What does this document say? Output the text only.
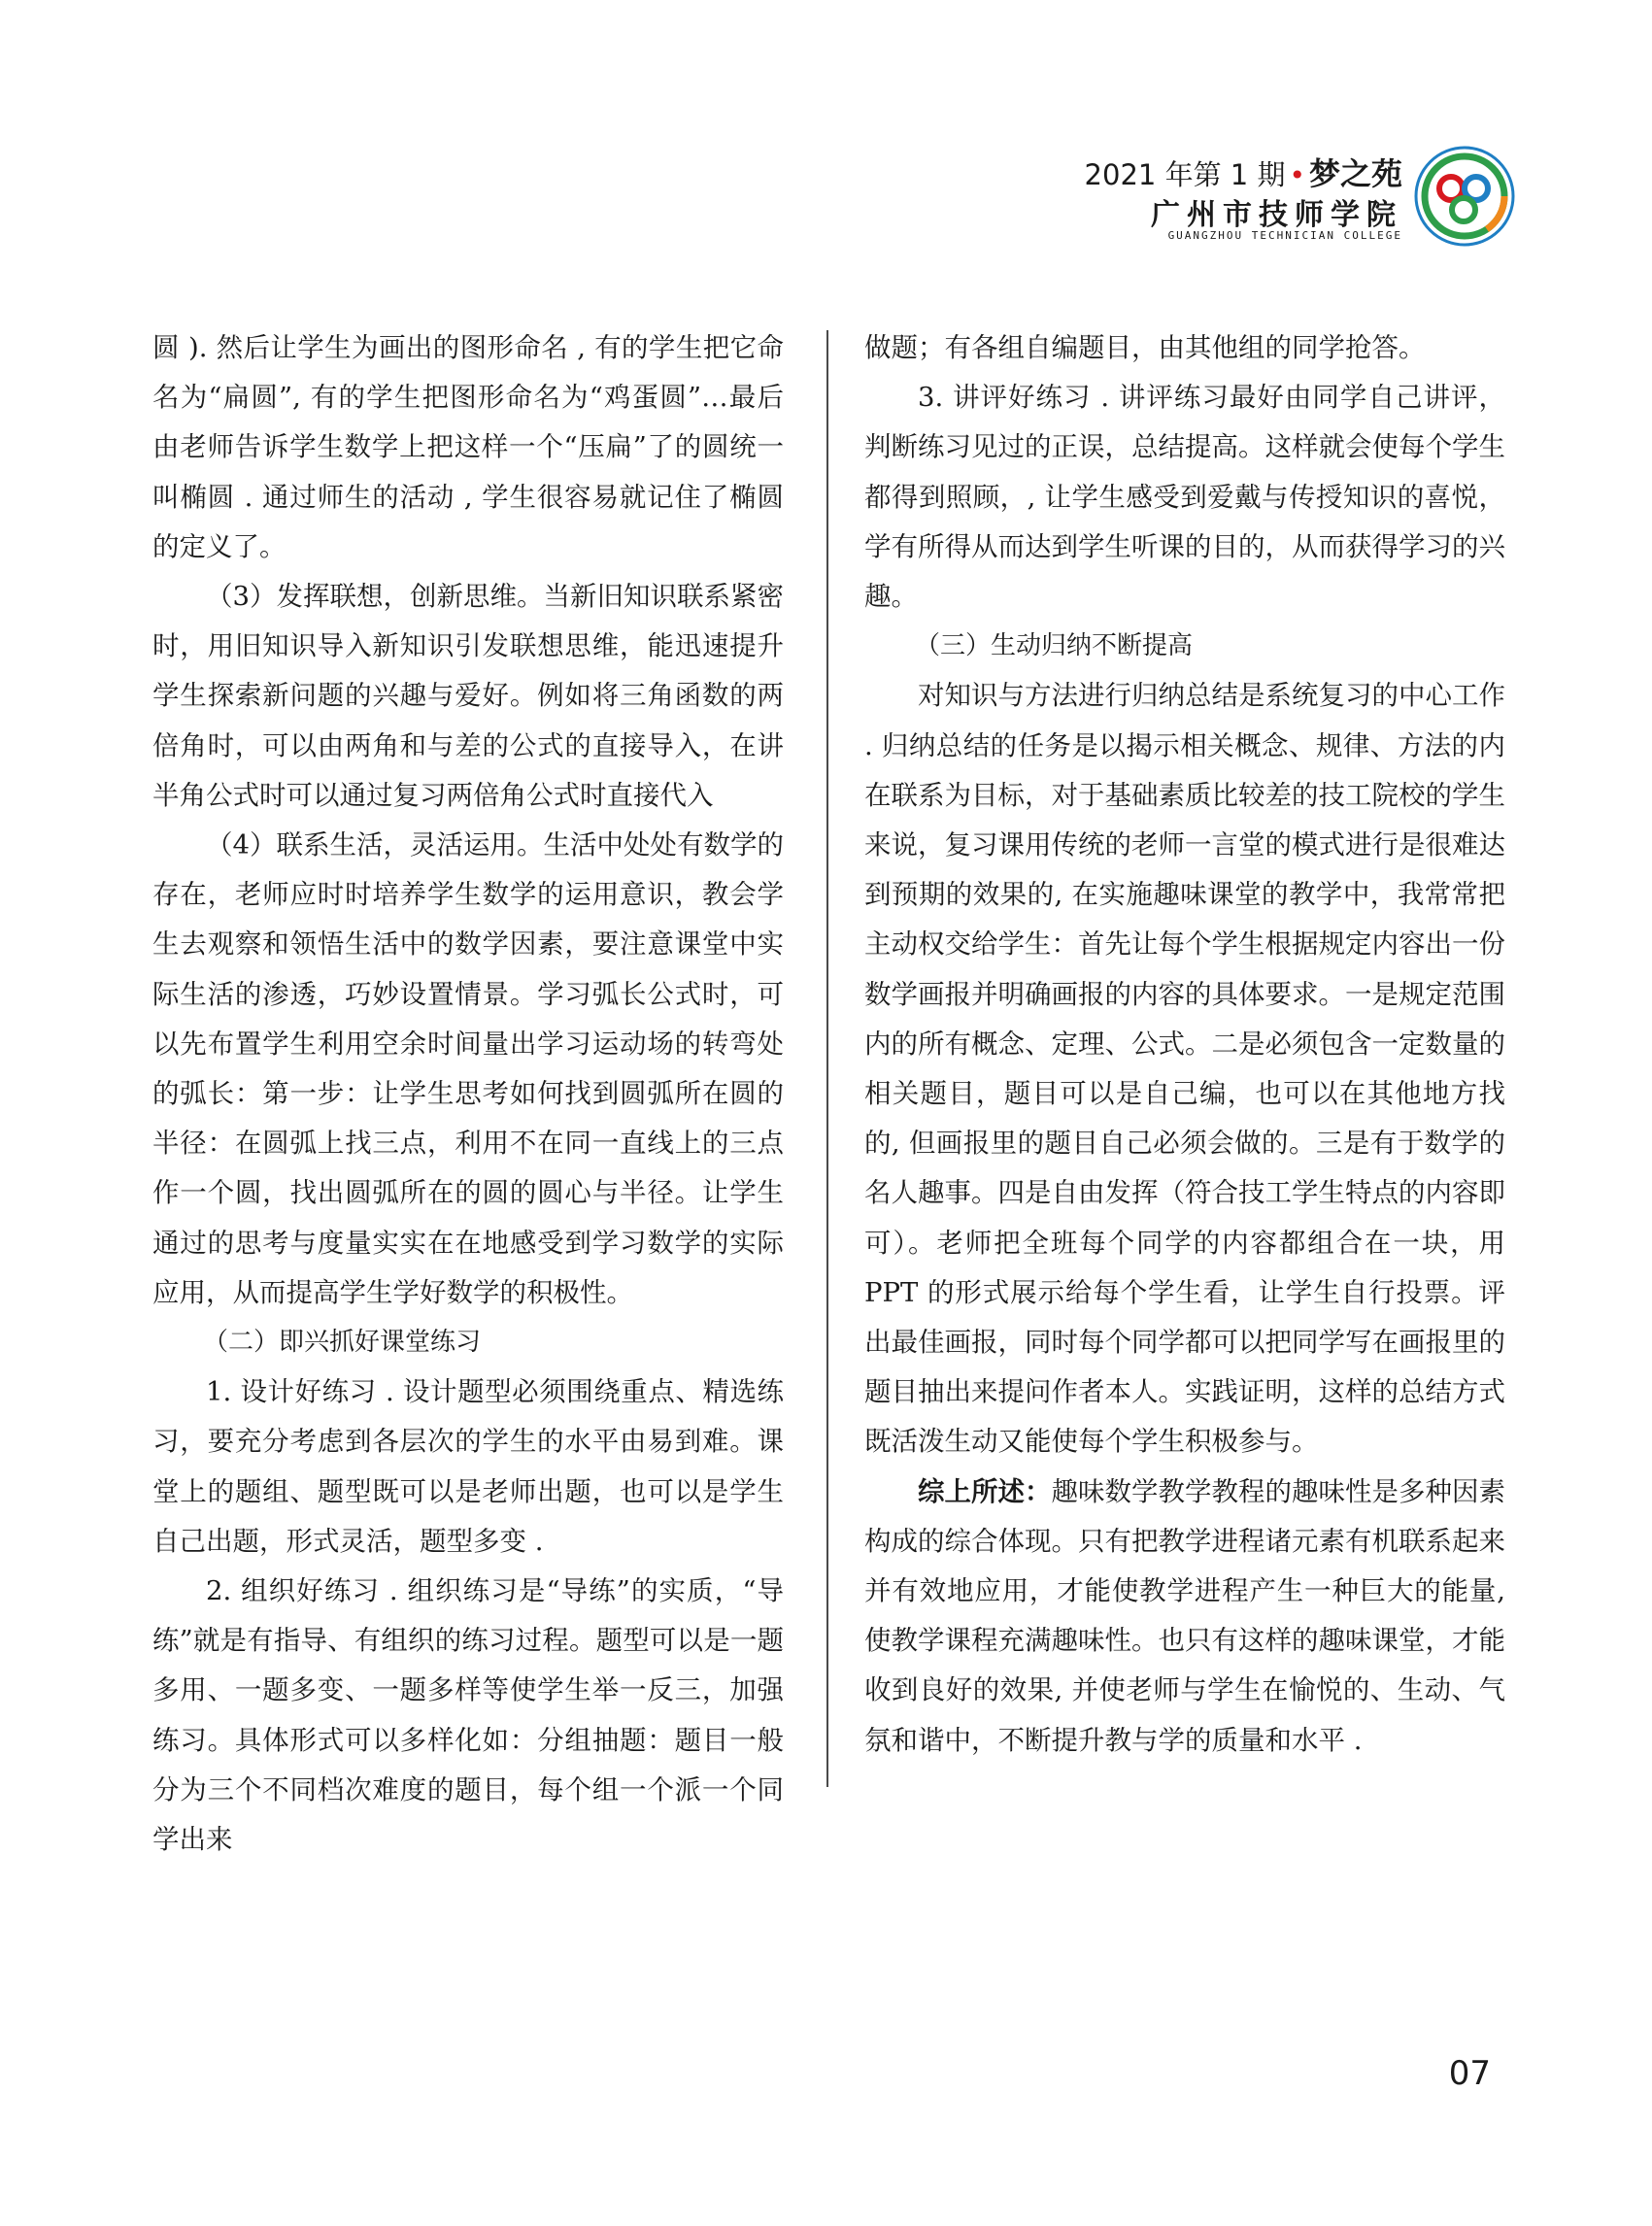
2021 年第 1 期 • 梦之苑
广州市技师学院
GUANGZHOU TECHNICIAN COLLEGE

圆 ). 然后让学生为画出的图形命名 , 有的学生把它命名为“扁圆”, 有的学生把图形命名为“鸡蛋圆”…最后由老师告诉学生数学上把这样一个“压扁”了的圆统一叫椭圆 . 通过师生的活动 , 学生很容易就记住了椭圆的定义了。

（3）发挥联想，创新思维。当新旧知识联系紧密时，用旧知识导入新知识引发联想思维，能迅速提升学生探索新问题的兴趣与爱好。例如将三角函数的两倍角时，可以由两角和与差的公式的直接导入，在讲半角公式时可以通过复习两倍角公式时直接代入

（4）联系生活，灵活运用。生活中处处有数学的存在，老师应时时培养学生数学的运用意识，教会学生去观察和领悟生活中的数学因素，要注意课堂中实际生活的渗透，巧妙设置情景。学习弧长公式时，可以先布置学生利用空余时间量出学习运动场的转弯处的弧长：第一步：让学生思考如何找到圆弧所在圆的半径：在圆弧上找三点，利用不在同一直线上的三点作一个圆，找出圆弧所在的圆的圆心与半径。让学生通过的思考与度量实实在在地感受到学习数学的实际应用，从而提高学生学好数学的积极性。

（二）即兴抓好课堂练习

1. 设计好练习 . 设计题型必须围绕重点、精选练习，要充分考虑到各层次的学生的水平由易到难。课堂上的题组、题型既可以是老师出题，也可以是学生自己出题，形式灵活，题型多变 .

2. 组织好练习 . 组织练习是“导练”的实质，“导练”就是有指导、有组织的练习过程。题型可以是一题多用、一题多变、一题多样等使学生举一反三，加强练习。具体形式可以多样化如：分组抽题：题目一般分为三个不同档次难度的题目，每个组一个派一个同学出来

做题；有各组自编题目，由其他组的同学抢答。

3. 讲评好练习 . 讲评练习最好由同学自己讲评，判断练习见过的正误，总结提高。这样就会使每个学生都得到照顾，, 让学生感受到爱戴与传授知识的喜悦，学有所得从而达到学生听课的目的，从而获得学习的兴趣。

（三）生动归纳不断提高

对知识与方法进行归纳总结是系统复习的中心工作 . 归纳总结的任务是以揭示相关概念、规律、方法的内在联系为目标，对于基础素质比较差的技工院校的学生来说，复习课用传统的老师一言堂的模式进行是很难达到预期的效果的, 在实施趣味课堂的教学中，我常常把主动权交给学生：首先让每个学生根据规定内容出一份数学画报并明确画报的内容的具体要求。一是规定范围内的所有概念、定理、公式。二是必须包含一定数量的相关题目，题目可以是自己编，也可以在其他地方找的, 但画报里的题目自己必须会做的。三是有于数学的名人趣事。四是自由发挥（符合技工学生特点的内容即可）。老师把全班每个同学的内容都组合在一块，用 PPT 的形式展示给每个学生看，让学生自行投票。评出最佳画报，同时每个同学都可以把同学写在画报里的题目抽出来提问作者本人。实践证明，这样的总结方式既活泼生动又能使每个学生积极参与。

综上所述：趣味数学教学教程的趣味性是多种因素构成的综合体现。只有把教学进程诸元素有机联系起来并有效地应用，才能使教学进程产生一种巨大的能量, 使教学课程充满趣味性。也只有这样的趣味课堂，才能收到良好的效果, 并使老师与学生在愉悦的、生动、气氛和谐中，不断提升教与学的质量和水平 .

07
